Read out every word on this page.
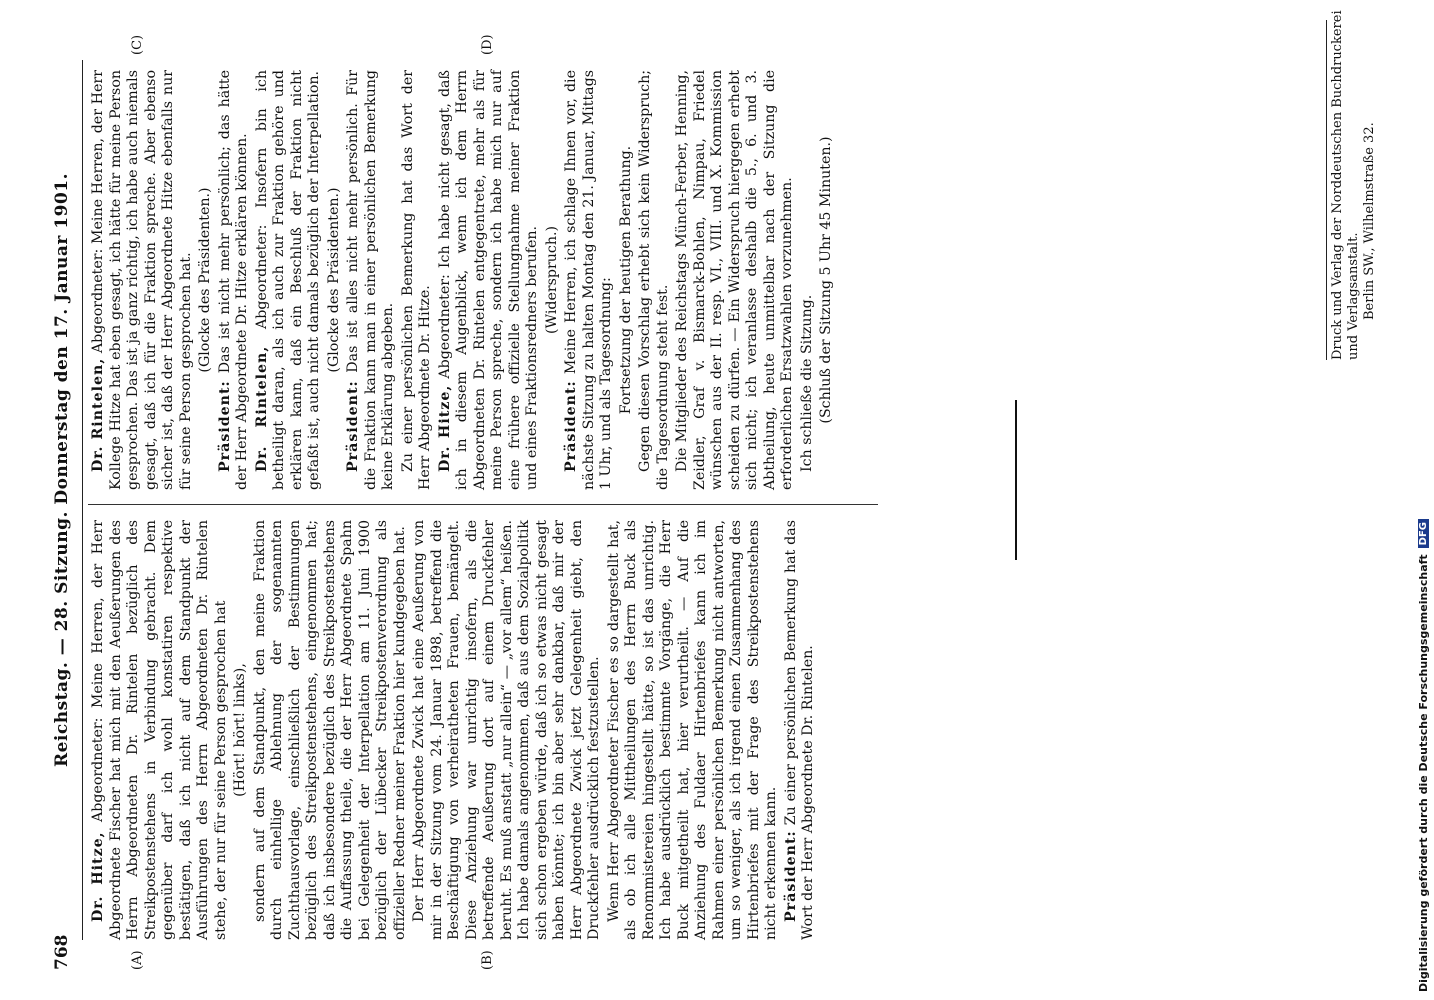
768
Reichstag. — 28. Sitzung. Donnerstag den 17. Januar 1901.
(A)	(B)
(C)	(D)

Dr. Hitze, Abgeordneter: Meine Herren, der Herr Abgeordnete Fischer hat mich mit den Aeußerungen des Herrn Abgeordneten Dr. Rintelen bezüglich des Streikpostenstehens in Verbindung gebracht. Dem gegenüber darf ich wohl konstatiren respektive bestätigen, daß ich nicht auf dem Standpunkt der Ausführungen des Herrn Abgeordneten Dr. Rintelen stehe, der nur für seine Person gesprochen hat (Hört! hört! links), sondern auf dem Standpunkt, den meine Fraktion durch einhellige Ablehnung der sogenannten Zuchthausvorlage, einschließlich der Bestimmungen bezüglich des Streikpostenstehens, eingenommen hat; daß ich insbesondere bezüglich des Streikpostenstehens die Auffassung theile, die der Herr Abgeordnete Spahn bei Gelegenheit der Interpellation am 11. Juni 1900 bezüglich der Lübecker Streikpostenverordnung als offizieller Redner meiner Fraktion hier kundgegeben hat. Der Herr Abgeordnete Zwick hat eine Aeußerung von mir in der Sitzung vom 24. Januar 1898, betreffend die Beschäftigung von verheiratheten Frauen, bemängelt. Diese Anziehung war unrichtig insofern, als die betreffende Aeußerung dort auf einem Druckfehler beruht. Es muß anstatt „nur allein“ — „vor allem“ heißen. Ich habe damals angenommen, daß aus dem Sozialpolitik sich schon ergeben würde, daß ich so etwas nicht gesagt haben könnte; ich bin aber sehr dankbar, daß mir der Herr Abgeordnete Zwick jetzt Gelegenheit giebt, den Druckfehler ausdrücklich festzustellen. Wenn Herr Abgeordneter Fischer es so dargestellt hat, als ob ich alle Mittheilungen des Herrn Buck als Renommistereien hingestellt hätte, so ist das unrichtig. Ich habe ausdrücklich bestimmte Vorgänge, die Herr Buck mitgetheilt hat, hier verurtheilt. — Auf die Anziehung des Fuldaer Hirtenbriefes kann ich im Rahmen einer persönlichen Bemerkung nicht antworten, um so weniger, als ich irgend einen Zusammenhang des Hirtenbriefes mit der Frage des Streikpostenstehens nicht erkennen kann. Präsident: Zu einer persönlichen Bemerkung hat das Wort der Herr Abgeordnete Dr. Rintelen.

Dr. Rintelen, Abgeordneter: Meine Herren, der Herr Kollege Hitze hat eben gesagt, ich hätte für meine Person gesprochen. Das ist ja ganz richtig, ich habe auch niemals gesagt, daß ich für die Fraktion spreche. Aber ebenso sicher ist, daß der Herr Abgeordnete Hitze ebenfalls nur für seine Person gesprochen hat. (Glocke des Präsidenten.)

Präsident: Das ist nicht mehr persönlich; das hätte der Herr Abgeordnete Dr. Hitze erklären können. Dr. Rintelen, Abgeordneter: Insofern bin ich betheiligt daran, als ich auch zur Fraktion gehöre und erklären kann, daß ein Beschluß der Fraktion nicht gefaßt ist, auch nicht damals bezüglich der Interpellation. (Glocke des Präsidenten.)

Präsident: Das ist alles nicht mehr persönlich. Für die Fraktion kann man in einer persönlichen Bemerkung keine Erklärung abgeben. Zu einer persönlichen Bemerkung hat das Wort der Herr Abgeordnete Dr. Hitze. Dr. Hitze, Abgeordneter: Ich habe nicht gesagt, daß ich in diesem Augenblick, wenn ich dem Herrn Abgeordneten Dr. Rintelen entgegentrete, mehr als für meine Person spreche, sondern ich habe mich nur auf eine frühere offizielle Stellungnahme meiner Fraktion und eines Fraktionsredners berufen. (Widerspruch.)

Präsident: Meine Herren, ich schlage Ihnen vor, die nächste Sitzung zu halten Montag den 21. Januar, Mittags 1 Uhr, und als Tagesordnung: Fortsetzung der heutigen Berathung. Gegen diesen Vorschlag erhebt sich kein Widerspruch; die Tagesordnung steht fest. Die Mitglieder des Reichstags Münch-Ferber, Henning, Zeidler, Graf v. Bismarck-Bohlen, Nimpau, Friedel wünschen aus der II. resp. VI., VIII. und X. Kommission scheiden zu dürfen. — Ein Widerspruch hiergegen erhebt sich nicht; ich veranlasse deshalb die 5., 6. und 3. Abtheilung, heute unmittelbar nach der Sitzung die erforderlichen Ersatzwahlen vorzunehmen. Ich schließe die Sitzung. (Schluß der Sitzung 5 Uhr 45 Minuten.)	Druck und Verlag der Norddeutschen Buchdruckerei und Verlagsanstalt. Berlin SW., Wilhelmstraße 32.
Digitalisierung gefördert durch die Deutsche Forschungsgemeinschaft
DFG
